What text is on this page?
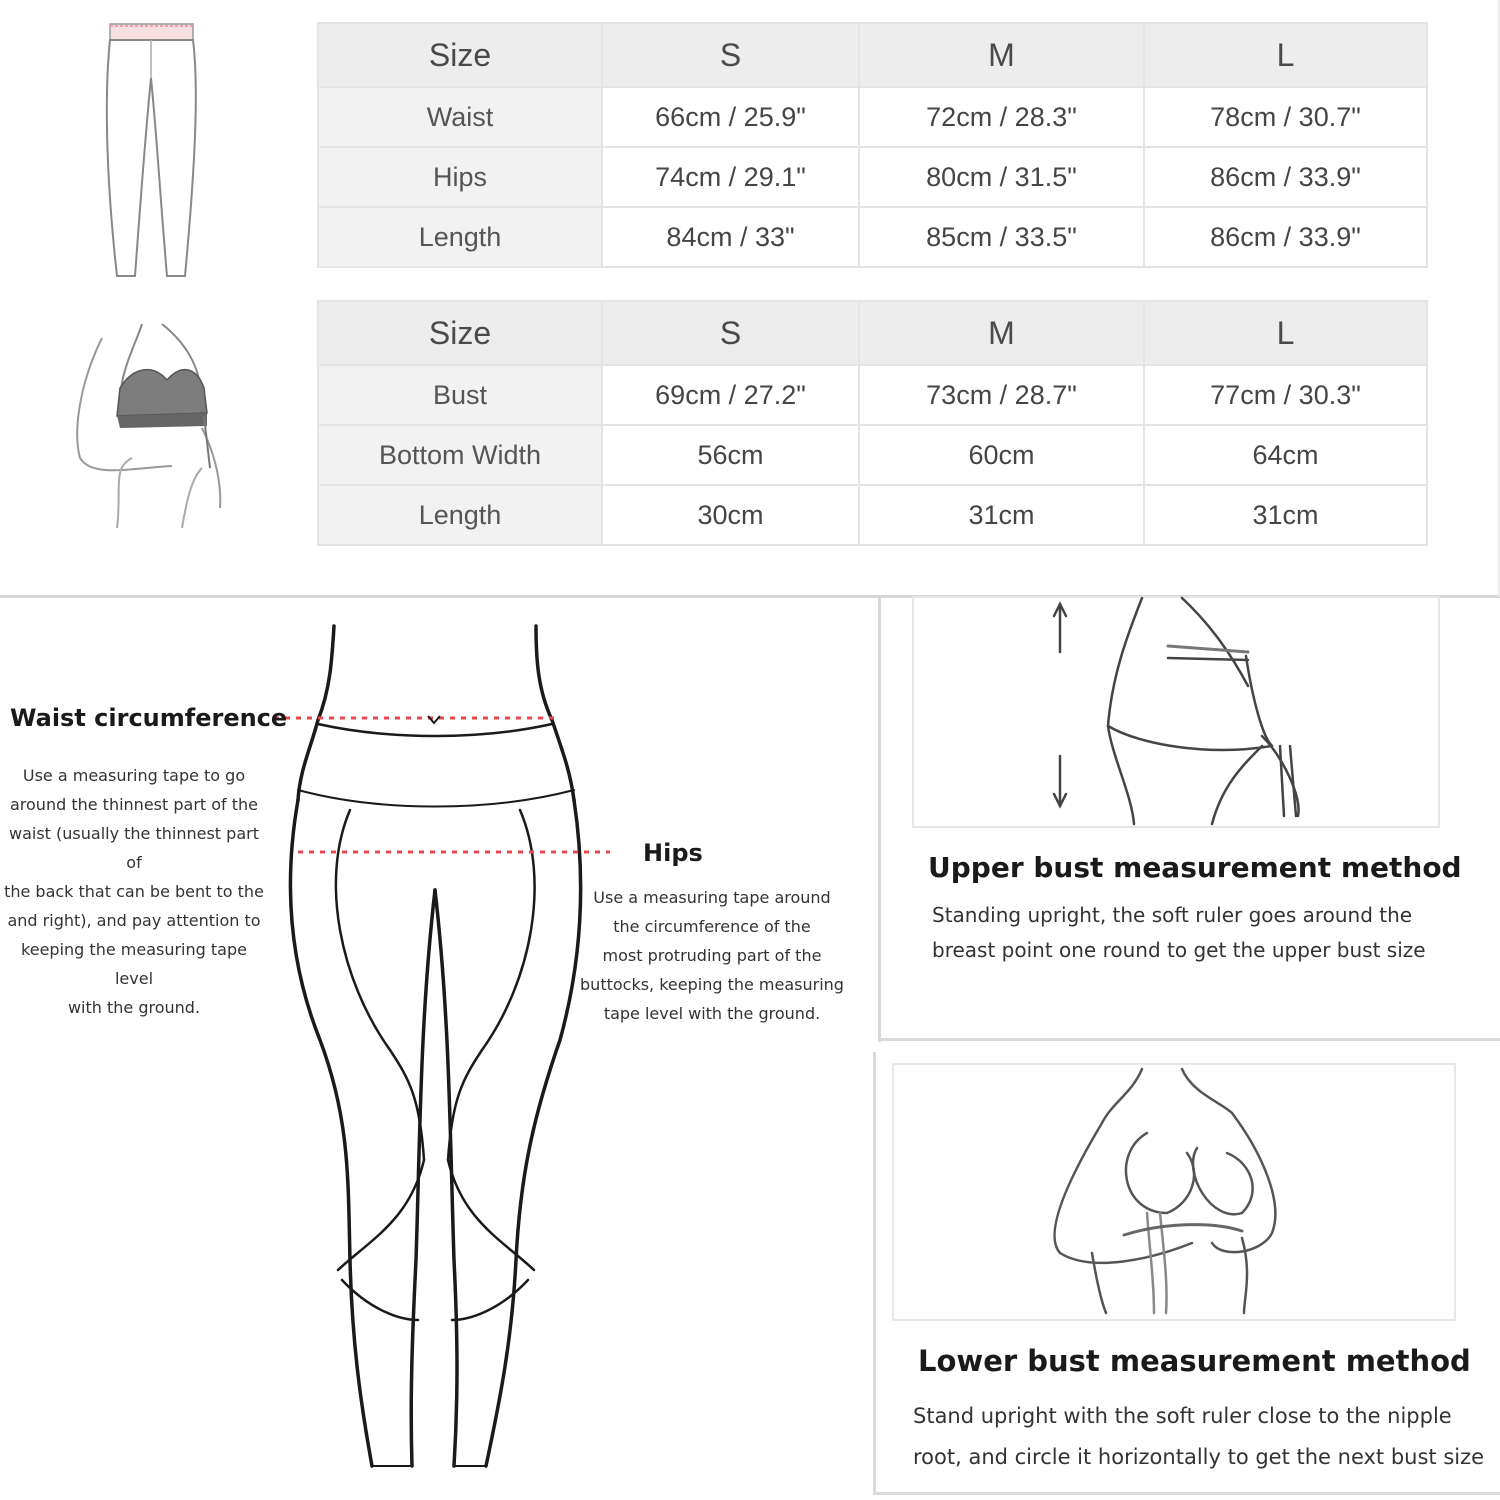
Size	S	M	L
Waist	66cm / 25.9"	72cm / 28.3"	78cm / 30.7"
Hips	74cm / 29.1"	80cm / 31.5"	86cm / 33.9"
Length	84cm / 33"	85cm / 33.5"	86cm / 33.9"
Size	S	M	L
Bust	69cm / 27.2"	73cm / 28.7"	77cm / 30.3"
Bottom Width	56cm	60cm	64cm
Length	30cm	31cm	31cm
Waist circumference
Use a measuring tape to go
around the thinnest part of the
waist (usually the thinnest part of
the back that can be bent to the
and right), and pay attention to
keeping the measuring tape level
with the ground.
Hips
Use a measuring tape around
the circumference of the
most protruding part of the
buttocks, keeping the measuring
tape level with the ground.
Upper bust measurement method
Standing upright, the soft ruler goes around the
breast point one round to get the upper bust size
Lower bust measurement method
Stand upright with the soft ruler close to the nipple
root, and circle it horizontally to get the next bust size
